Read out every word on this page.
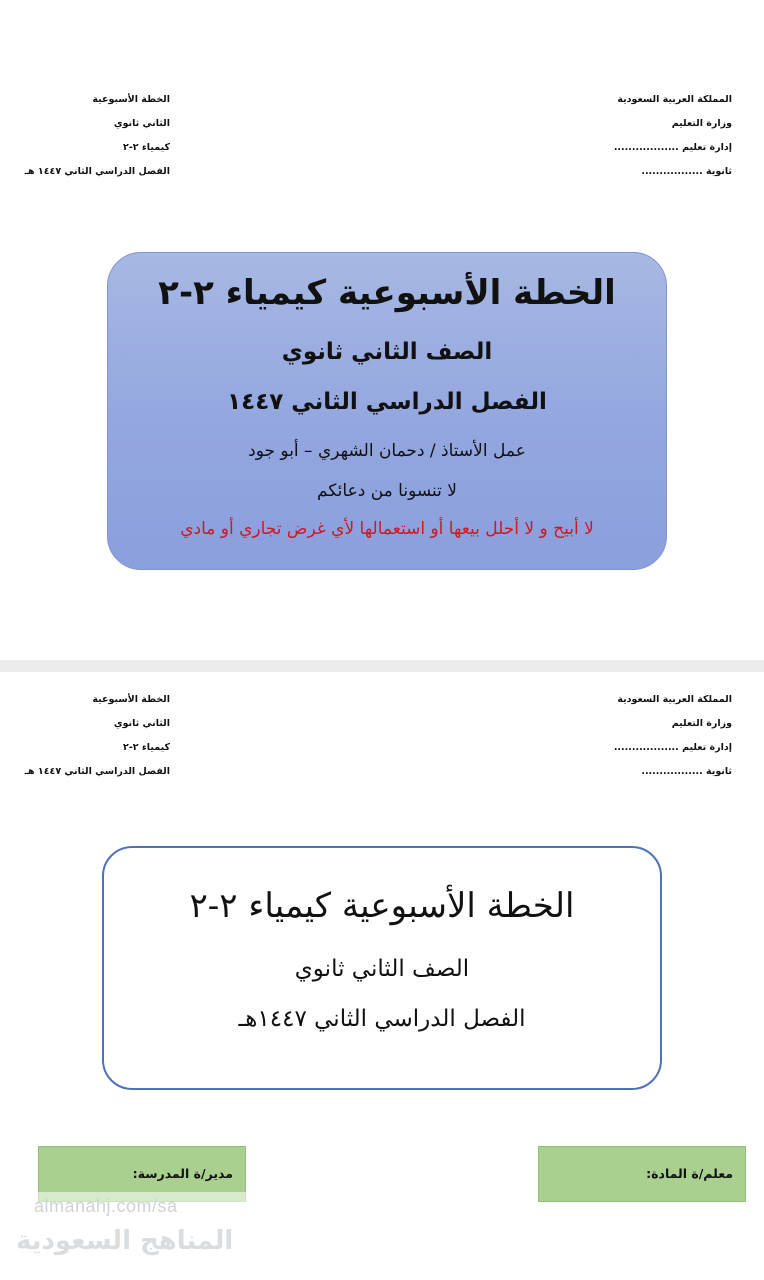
المملكة العربية السعودية
وزارة التعليم
إدارة تعليم ..................
ثانوية .................
الخطة الأسبوعية
الثاني ثانوي
كيمياء ٢-٢
الفصل الدراسي الثاني ١٤٤٧ هـ
الخطة الأسبوعية كيمياء ٢-٢
الصف الثاني ثانوي
الفصل الدراسي الثاني ١٤٤٧
عمل الأستاذ / دحمان الشهري – أبو جود
لا تنسونا من دعائكم
لا أبيح و لا أحلل بيعها أو استعمالها لأي غرض تجاري أو مادي
المملكة العربية السعودية
وزارة التعليم
إدارة تعليم ..................
ثانوية .................
الخطة الأسبوعية
الثاني ثانوي
كيمياء ٢-٢
الفصل الدراسي الثاني ١٤٤٧ هـ
الخطة الأسبوعية كيمياء ٢-٢
الصف الثاني ثانوي
الفصل الدراسي الثاني ١٤٤٧هـ
معلم/ة المادة:
مدير/ة المدرسة:
almanahj.com/sa
المناهج السعودية
